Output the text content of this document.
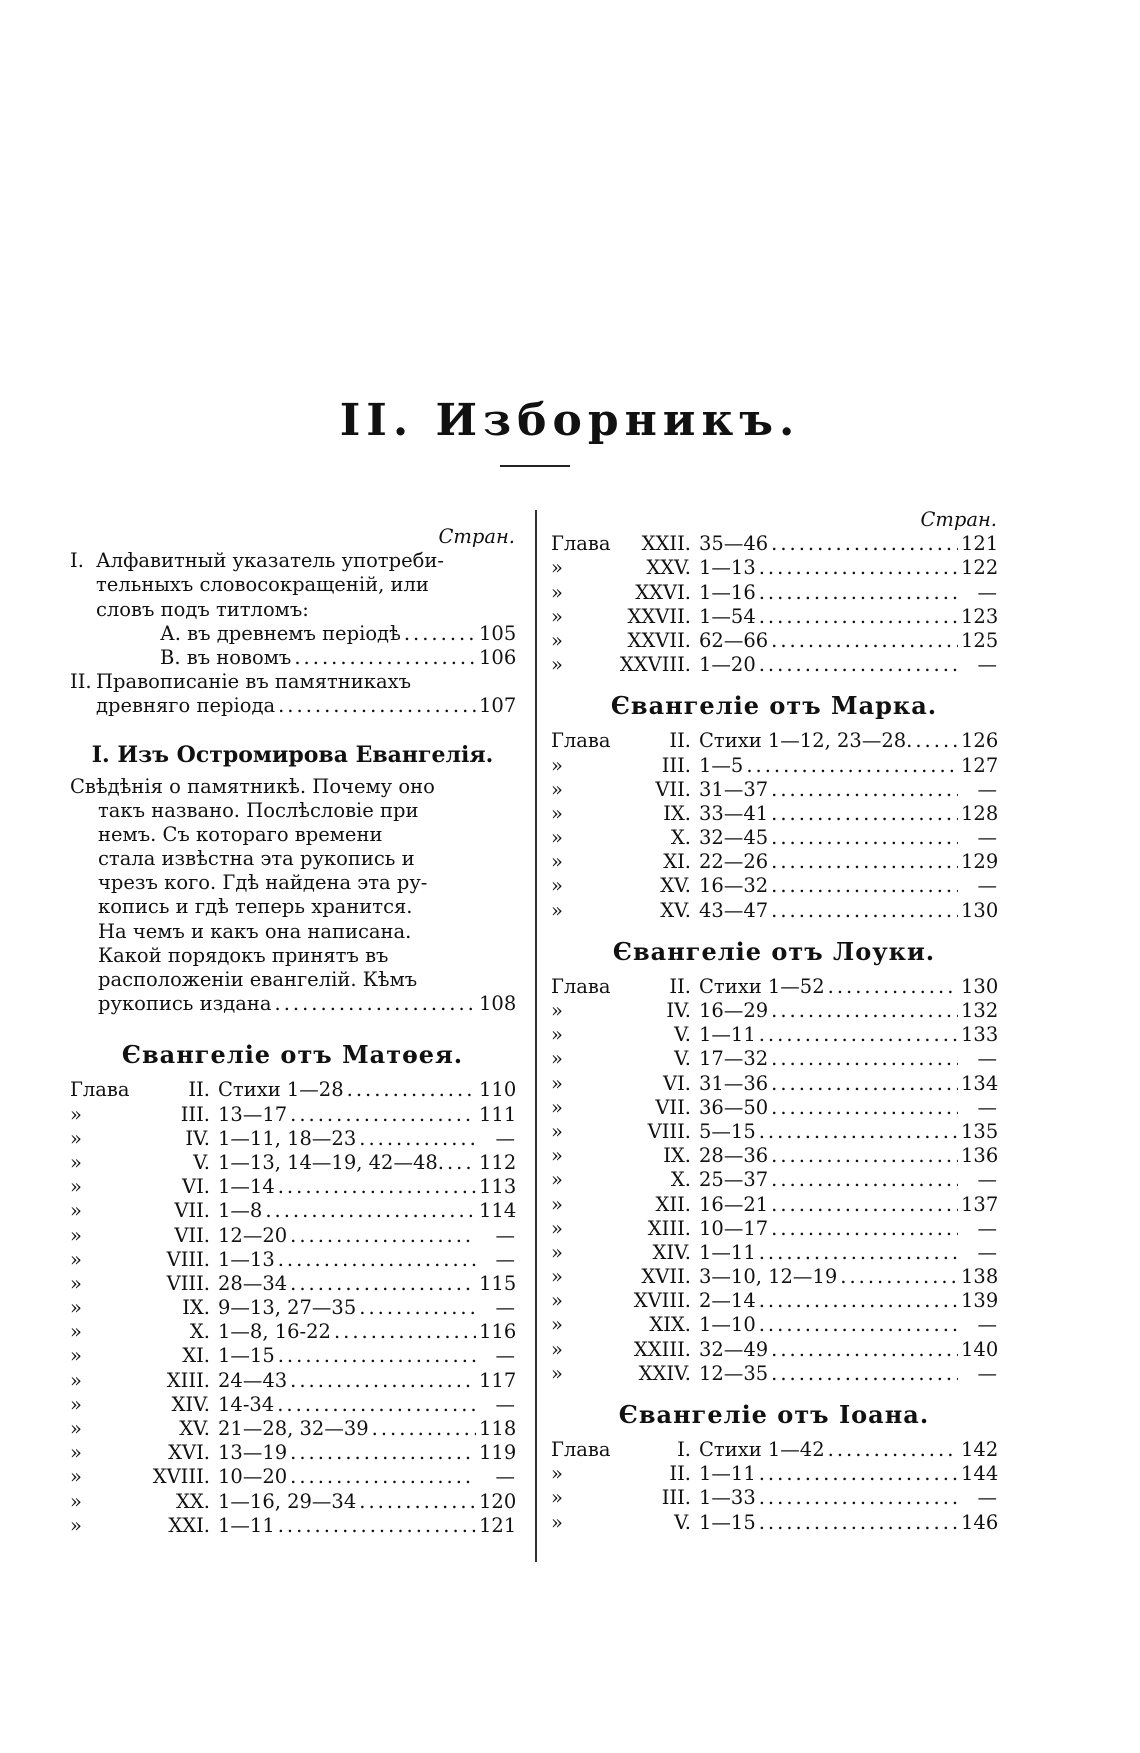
II. Изборникъ.
Стран.
I. Алфавитный указатель употреби-
тельныхъ словосокращеній, или
словъ подъ титломъ:
А. въ древнемъ періодѣ .....	105
В. въ новомъ .....	106
II. Правописаніе въ памятникахъ
древняго періода .....	107
I. Изъ Остромирова Евангелія.
Свѣдѣнія о памятникѣ. Почему оно
такъ названо. Послѣсловіе при
немъ. Съ котораго времени
стала извѣстна эта рукопись и
чрезъ кого. Гдѣ найдена эта ру-
копись и гдѣ теперь хранится.
На чемъ и какъ она написана.
Какой порядокъ принятъ въ
расположеніи евангелій. Кѣмъ
рукопись издана .....	108
Євангеліе отъ Матѳея.
Глава	II. Стихи 1—28 .....	110
»	III. 13—17 .....	111
»	IV. 1—11, 18—23 .....	—
»	V. 1—13, 14—19, 42—48. ..... 112
»	VI. 1—14 .....	113
»	VII. 1—8 .....	114
»	VII. 12—20 .....	—
»	VIII. 1—13 .....	—
»	VIII. 28—34 .....	115
»	IX. 9—13, 27—35 .....	—
»	X. 1—8, 16-22 .....	116
»	XI. 1—15 .....	—
»	XIII. 24—43 .....	117
»	XIV. 14-34 .....	—
»	XV. 21—28, 32—39 .....	118
»	XVI. 13—19 .....	119
»	XVIII. 10—20 .....	—
»	XX. 1—16, 29—34 .....	120
»	XXI. 1—11 .....	121
Стран.
Глава	XXII. 35—46 .....	121
»	XXV. 1—13 .....	122
»	XXVI. 1—16 .....	—
»	XXVII. 1—54 .....	123
»	XXVII. 62—66 .....	125
»	XXVIII. 1—20 .....	—
Євангеліе отъ Марка.
Глава	II. Стихи 1—12, 23—28. ..... 126
»	III. 1—5 .....	127
»	VII. 31—37 .....	—
»	IX. 33—41 .....	128
»	X. 32—45 .....	—
»	XI. 22—26 .....	129
»	XV. 16—32 .....	—
»	XV. 43—47 .....	130
Євангеліе отъ Лоуки.
Глава	II. Стихи 1—52 .....	130
»	IV. 16—29 .....	132
»	V. 1—11 .....	133
»	V. 17—32 .....	—
»	VI. 31—36 .....	134
»	VII. 36—50 .....	—
»	VIII. 5—15 .....	135
»	IX. 28—36 .....	136
»	X. 25—37 .....	—
»	XII. 16—21 .....	137
»	XIII. 10—17 .....	—
»	XIV. 1—11 .....	—
»	XVII. 3—10, 12—19 .....	138
»	XVIII. 2—14 .....	139
»	XIX. 1—10 .....	—
»	XXIII. 32—49 .....	140
»	XXIV. 12—35 .....	—
Євангеліе отъ Іоана.
Глава	I. Стихи 1—42 .....	142
»	II. 1—11 .....	144
»	III. 1—33 .....	—
»	V. 1—15 .....	146
